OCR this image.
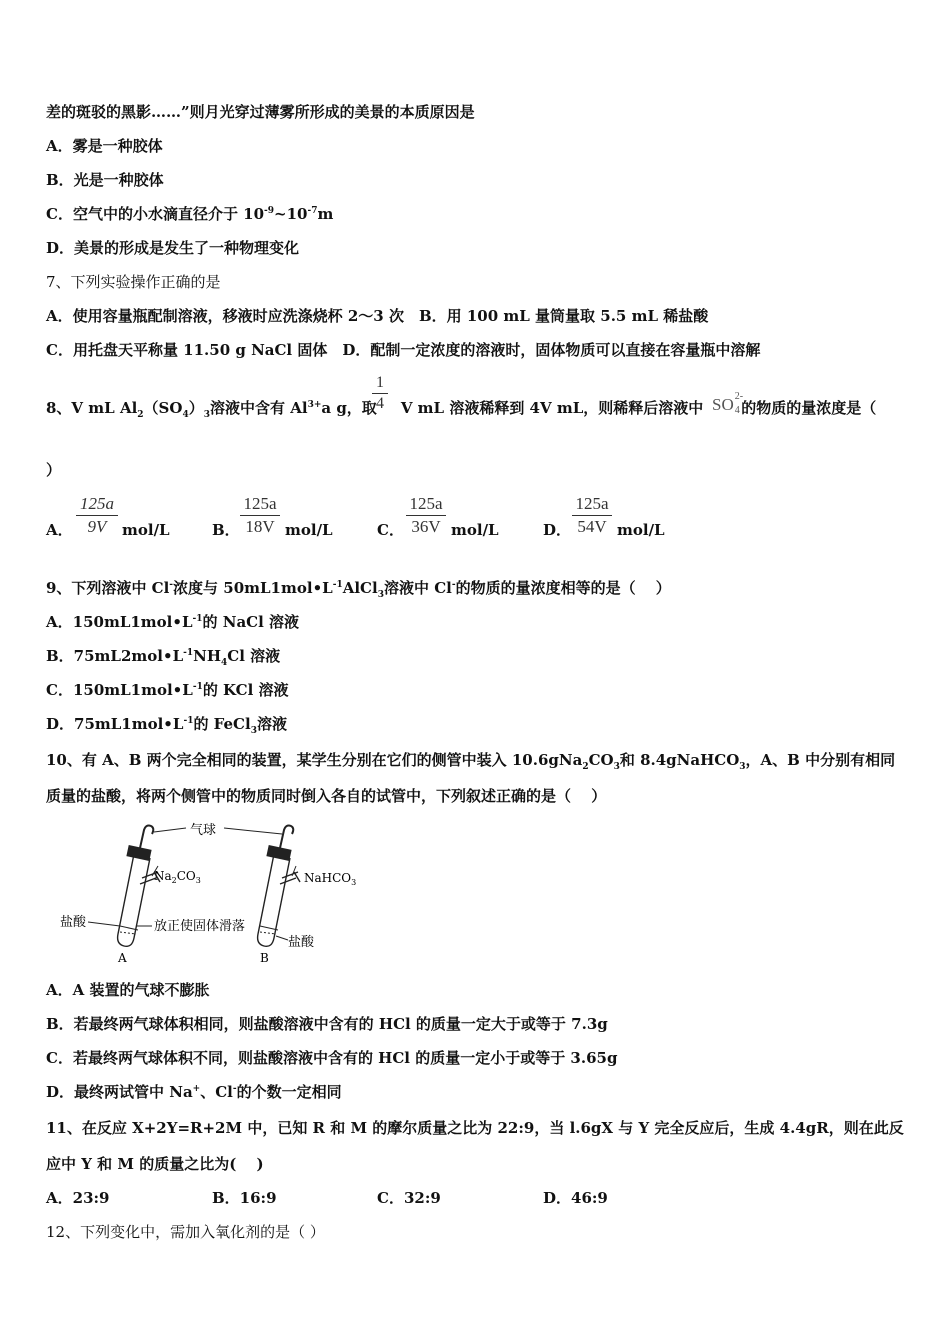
差的斑驳的黑影……”则月光穿过薄雾所形成的美景的本质原因是
A．雾是一种胶体
B．光是一种胶体
C．空气中的小水滴直径介于 $10^{-9}\sim 10^{-7}m$
D．美景的形成是发生了一种物理变化
7、下列实验操作正确的是
A．使用容量瓶配制溶液，移液时应洗涤烧杯 2～3 次　B．用 100 mL 量筒量取 5.5 mL 稀盐酸
C．用托盘天平称量 11.50 g NaCl 固体　D．配制一定浓度的溶液时，固体物质可以直接在容量瓶中溶解
8、V mL $Al_2(SO_4)_3$溶液中含有 $Al^{3+}a$ g，取 V mL 溶液稀释到 4V mL，则稀释后溶液中	的物质的量浓度是（
$\frac{1}{4}$	SO 2-
4
）
A． $\frac{125a}{9V} mol/L$	B． $\frac{125a}{18V} mol/L$	C． $\frac{125a}{36V} mol/L$	D． $\frac{125a}{54V} mol/L$
9、下列溶液中 Cl-浓度与 $50mL1mol•L^{-1}AlCl_3$溶液中 Cl-的物质的量浓度相等的是（　 ）
A．$150mL1mol•L^{-1}$的 NaCl 溶液
B．$75mL2mol•L^{-1}NH_4Cl$ 溶液
C．$150mL1mol•L^{-1}$的 KCl 溶液
D．$75mL1mol•L^{-1}$的 FeCl$_3$溶液
10、有 A、B 两个完全相同的装置，某学生分别在它们的侧管中装入 $10.6gNa_2CO_3$和 8.4gNaHCO$_3$，A、B 中分别有相同
质量的盐酸，将两个侧管中的物质同时倒入各自的试管中，下列叙述正确的是（　 ）
气球
$Na_2CO_3$	NaHCO$_3$
盐酸	放正使固体滑落
盐酸
A	B
A．A 装置的气球不膨胀
B．若最终两气球体积相同，则盐酸溶液中含有的 HCl 的质量一定大于或等于 7.3g
C．若最终两气球体积不同，则盐酸溶液中含有的 HCl 的质量一定小于或等于 3.65g
D．最终两试管中 Na+、Cl-的个数一定相同
11、在反应 X+2Y=R+2M 中，已知 R 和 M 的摩尔质量之比为 22:9，当 l.6gX 与 Y 完全反应后，生成 4.4gR，则在此反
应中 Y 和 M 的质量之比为(　 )
A．23:9	B．16:9	C．32:9	D．46:9
12、下列变化中，需加入氧化剂的是（ ）
